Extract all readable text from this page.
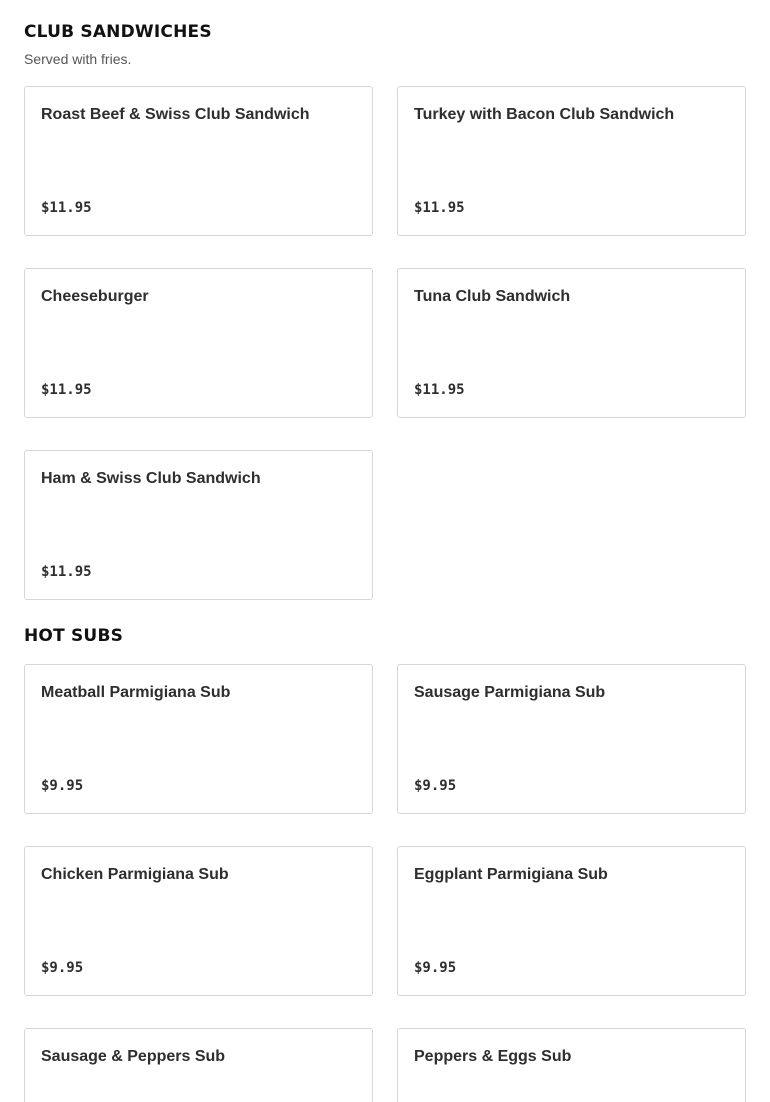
CLUB SANDWICHES

Served with fries.

Roast Beef & Swiss Club Sandwich
$11.95
Turkey with Bacon Club Sandwich
$11.95
Cheeseburger
$11.95
Tuna Club Sandwich
$11.95
Ham & Swiss Club Sandwich
$11.95
HOT SUBS
Meatball Parmigiana Sub
$9.95
Sausage Parmigiana Sub
$9.95
Chicken Parmigiana Sub
$9.95
Eggplant Parmigiana Sub
$9.95
Sausage & Peppers Sub	Peppers & Eggs Sub
